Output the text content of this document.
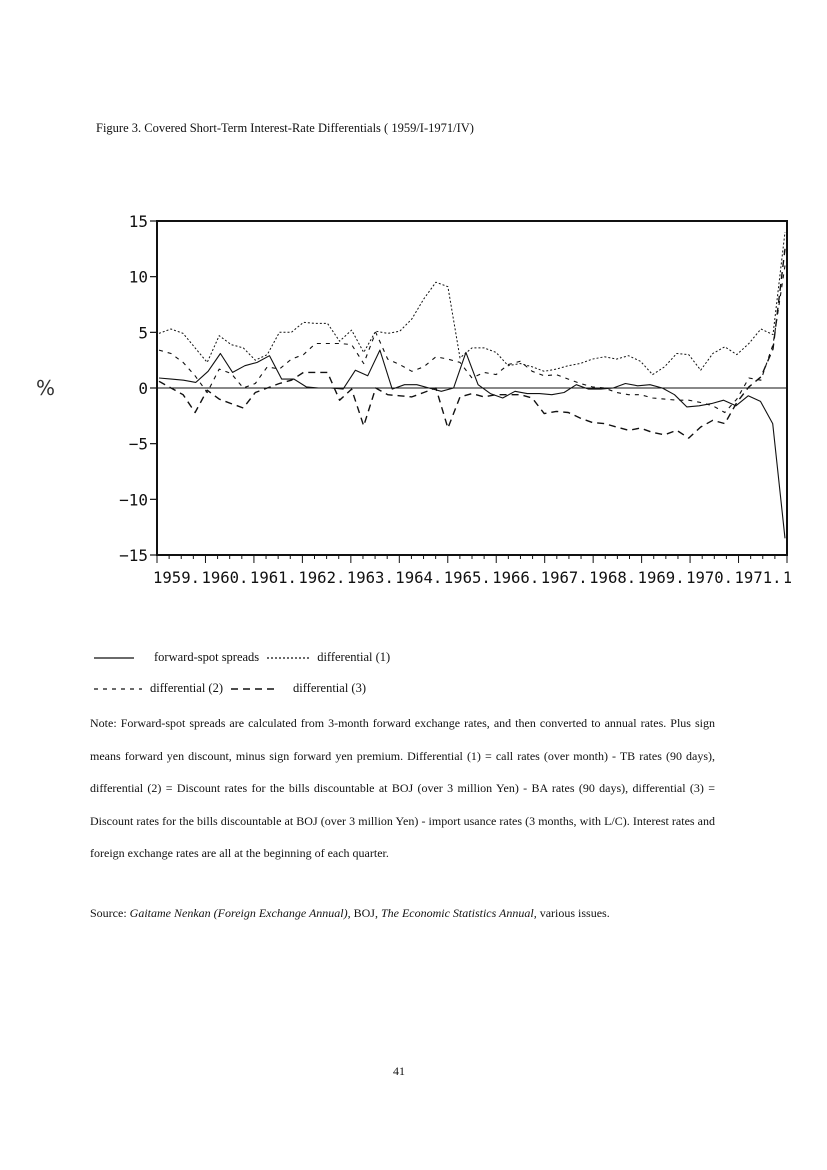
Figure 3. Covered Short-Term Interest-Rate Differentials ( 1959/I-1971/IV)
%
15
10
5
0
−5
−10
−15
1959. 1960. 1961. 1962. 1963. 1964. 1965. 1966. 1967. 1968. 1969. 1970. 1971. 1
forward-spot spreads	differential (1)
differential (2)	differential (3)
Note: Forward-spot spreads are calculated from 3-month forward exchange rates, and then converted to annual rates. Plus sign means forward yen discount, minus sign forward yen premium. Differential (1) = call rates (over month) - TB rates (90 days), differential (2) = Discount rates for the bills discountable at BOJ (over 3 million Yen) - BA rates (90 days), differential (3) = Discount rates for the bills discountable at BOJ (over 3 million Yen) - import usance rates (3 months, with L/C). Interest rates and foreign exchange rates are all at the beginning of each quarter.
Source: Gaitame Nenkan (Foreign Exchange Annual), BOJ, The Economic Statistics Annual, various issues.
41
